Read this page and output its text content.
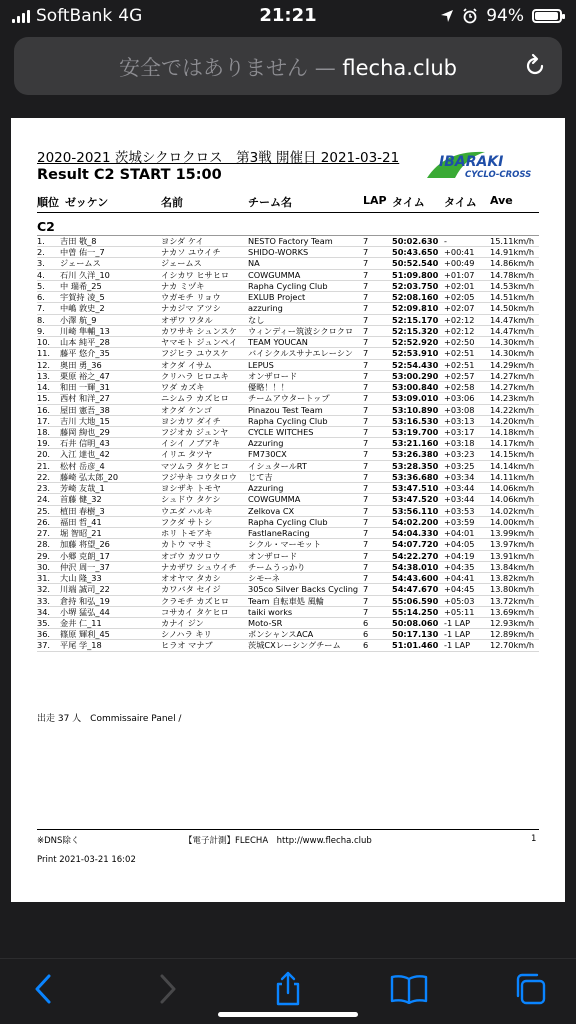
SoftBank 4G	21:21	94%
安全ではありません — flecha.club
2020-2021 茨城シクロクロス　第3戦 開催日 2021-03-21
Result C2 START 15:00
IBARAKI
CYCLO-CROSS
順位 ゼッケン	名前	チーム名	LAP タイム タイム Ave
C2
1.	吉田 敬_8	ヨシダ ケイ	NESTO Factory Team	7	50:02.630 -	15.11km/h
2.	中曽 佑一_7	ナカソ ユウイチ	SHIDO-WORKS	7	50:43.650 +00:41	14.91km/h
3.	ジェームス	ジェームス	NA	7	50:52.540 +00:49	14.86km/h
4.	石川 久洋_10	イシカワ ヒサヒロ	COWGUMMA	7	51:09.800 +01:07	14.78km/h
5.	中 瑞希_25	ナカ ミヅキ	Rapha Cycling Club	7	52:03.750 +02:01	14.53km/h
6.	宇賀持 凌_5	ウガモチ リョウ	EXLUB Project	7	52:08.160 +02:05	14.51km/h
7.	中嶋 敦史_2	ナカジマ アツシ	azzuring	7	52:09.810 +02:07	14.50km/h
8.	小澤 航_9	オザワ ワタル	なし	7	52:15.170 +02:12	14.47km/h
9.	川崎 隼輔_13	カワサキ シュンスケ	ウィンディー筑波シクロクロ	7	52:15.320 +02:12	14.47km/h
10.	山本 純平_28	ヤマモト ジュンペイ	TEAM YOUCAN	7	52:52.920 +02:50	14.30km/h
11.	藤平 悠介_35	フジヒラ ユウスケ	バイシクルスサナエレーシン	7	52:53.910 +02:51	14.30km/h
12.	奥田 勇_36	オクダ イサム	LEPUS	7	52:54.430 +02:51	14.29km/h
13.	栗原 裕之_47	クリハラ ヒロユキ	オンザロード	7	53:00.290 +02:57	14.27km/h
14.	和田 一輝_31	ワダ カズキ	優略！！！	7	53:00.840 +02:58	14.27km/h
15.	西村 和洋_27	ニシムラ カズヒロ	チームアウタートップ	7	53:09.010 +03:06	14.23km/h
16.	屋田 憲吾_38	オクダ ケンゴ	Pinazou Test Team	7	53:10.890 +03:08	14.22km/h
17.	吉川 大地_15	ヨシカワ ダイチ	Rapha Cycling Club	7	53:16.530 +03:13	14.20km/h
18.	藤岡 絢也_29	フジオカ ジュンヤ	CYCLE WITCHES	7	53:19.700 +03:17	14.18km/h
19.	石井 信明_43	イシイ ノブアキ	Azzuring	7	53:21.160 +03:18	14.17km/h
20.	入江 達也_42	イリエ タツヤ	FM730CX	7	53:26.380 +03:23	14.15km/h
21.	松村 岳彦_4	マツムラ タケヒコ	イシュタールRT	7	53:28.350 +03:25	14.14km/h
22.	藤崎 弘太郎_20	フジサキ コウタロウ	じて吉	7	53:36.680 +03:34	14.11km/h
23.	芳崎 友哉_1	ヨシザキ トモヤ	Azzuring	7	53:47.510 +03:44	14.06km/h
24.	首藤 健_32	シュドウ タケシ	COWGUMMA	7	53:47.520 +03:44	14.06km/h
25.	植田 春樹_3	ウエダ ハルキ	Zelkova CX	7	53:56.110 +03:53	14.02km/h
26.	福田 哲_41	フクダ サトシ	Rapha Cycling Club	7	54:02.200 +03:59	14.00km/h
27.	堀 智昭_21	ホリ トモアキ	FastlaneRacing	7	54:04.330 +04:01	13.99km/h
28.	加藤 将望_26	カトウ マサミ	シクル・マーモット	7	54:07.720 +04:05	13.97km/h
29.	小郷 克朗_17	オゴウ カツロウ	オンザロード	7	54:22.270 +04:19	13.91km/h
30.	仲沢 周一_37	ナカザワ シュウイチ	チームうっかり	7	54:38.010 +04:35	13.84km/h
31.	大山 隆_33	オオヤマ タカシ	シモーネ	7	54:43.600 +04:41	13.82km/h
32.	川端 誠司_22	カワバタ セイジ	305co Silver Backs Cycling 7	54:47.670 +04:45	13.80km/h
33.	倉持 和弘_19	クラモチ カズヒロ	Team 自転車処 風輪	7	55:06.590 +05:03	13.72km/h
34.	小堺 猛弘_44	コサカイ タケヒロ	taiki works	7	55:14.250 +05:11	13.69km/h
35.	金井 仁_11	カナイ ジン	Moto-SR	6	50:08.060 -1 LAP	12.93km/h
36.	篠原 輝利_45	シノハラ キリ	ボンシャンスACA	6	50:17.130 -1 LAP	12.89km/h
37.	平尾 学_18	ヒラオ マナブ	茨城CXレーシングチーム	6	51:01.460 -1 LAP	12.70km/h
出走 37 人　Commissaire Panel /
※DNS除く	【電子計測】FLECHA　http://www.flecha.club	1
Print 2021-03-21 16:02
